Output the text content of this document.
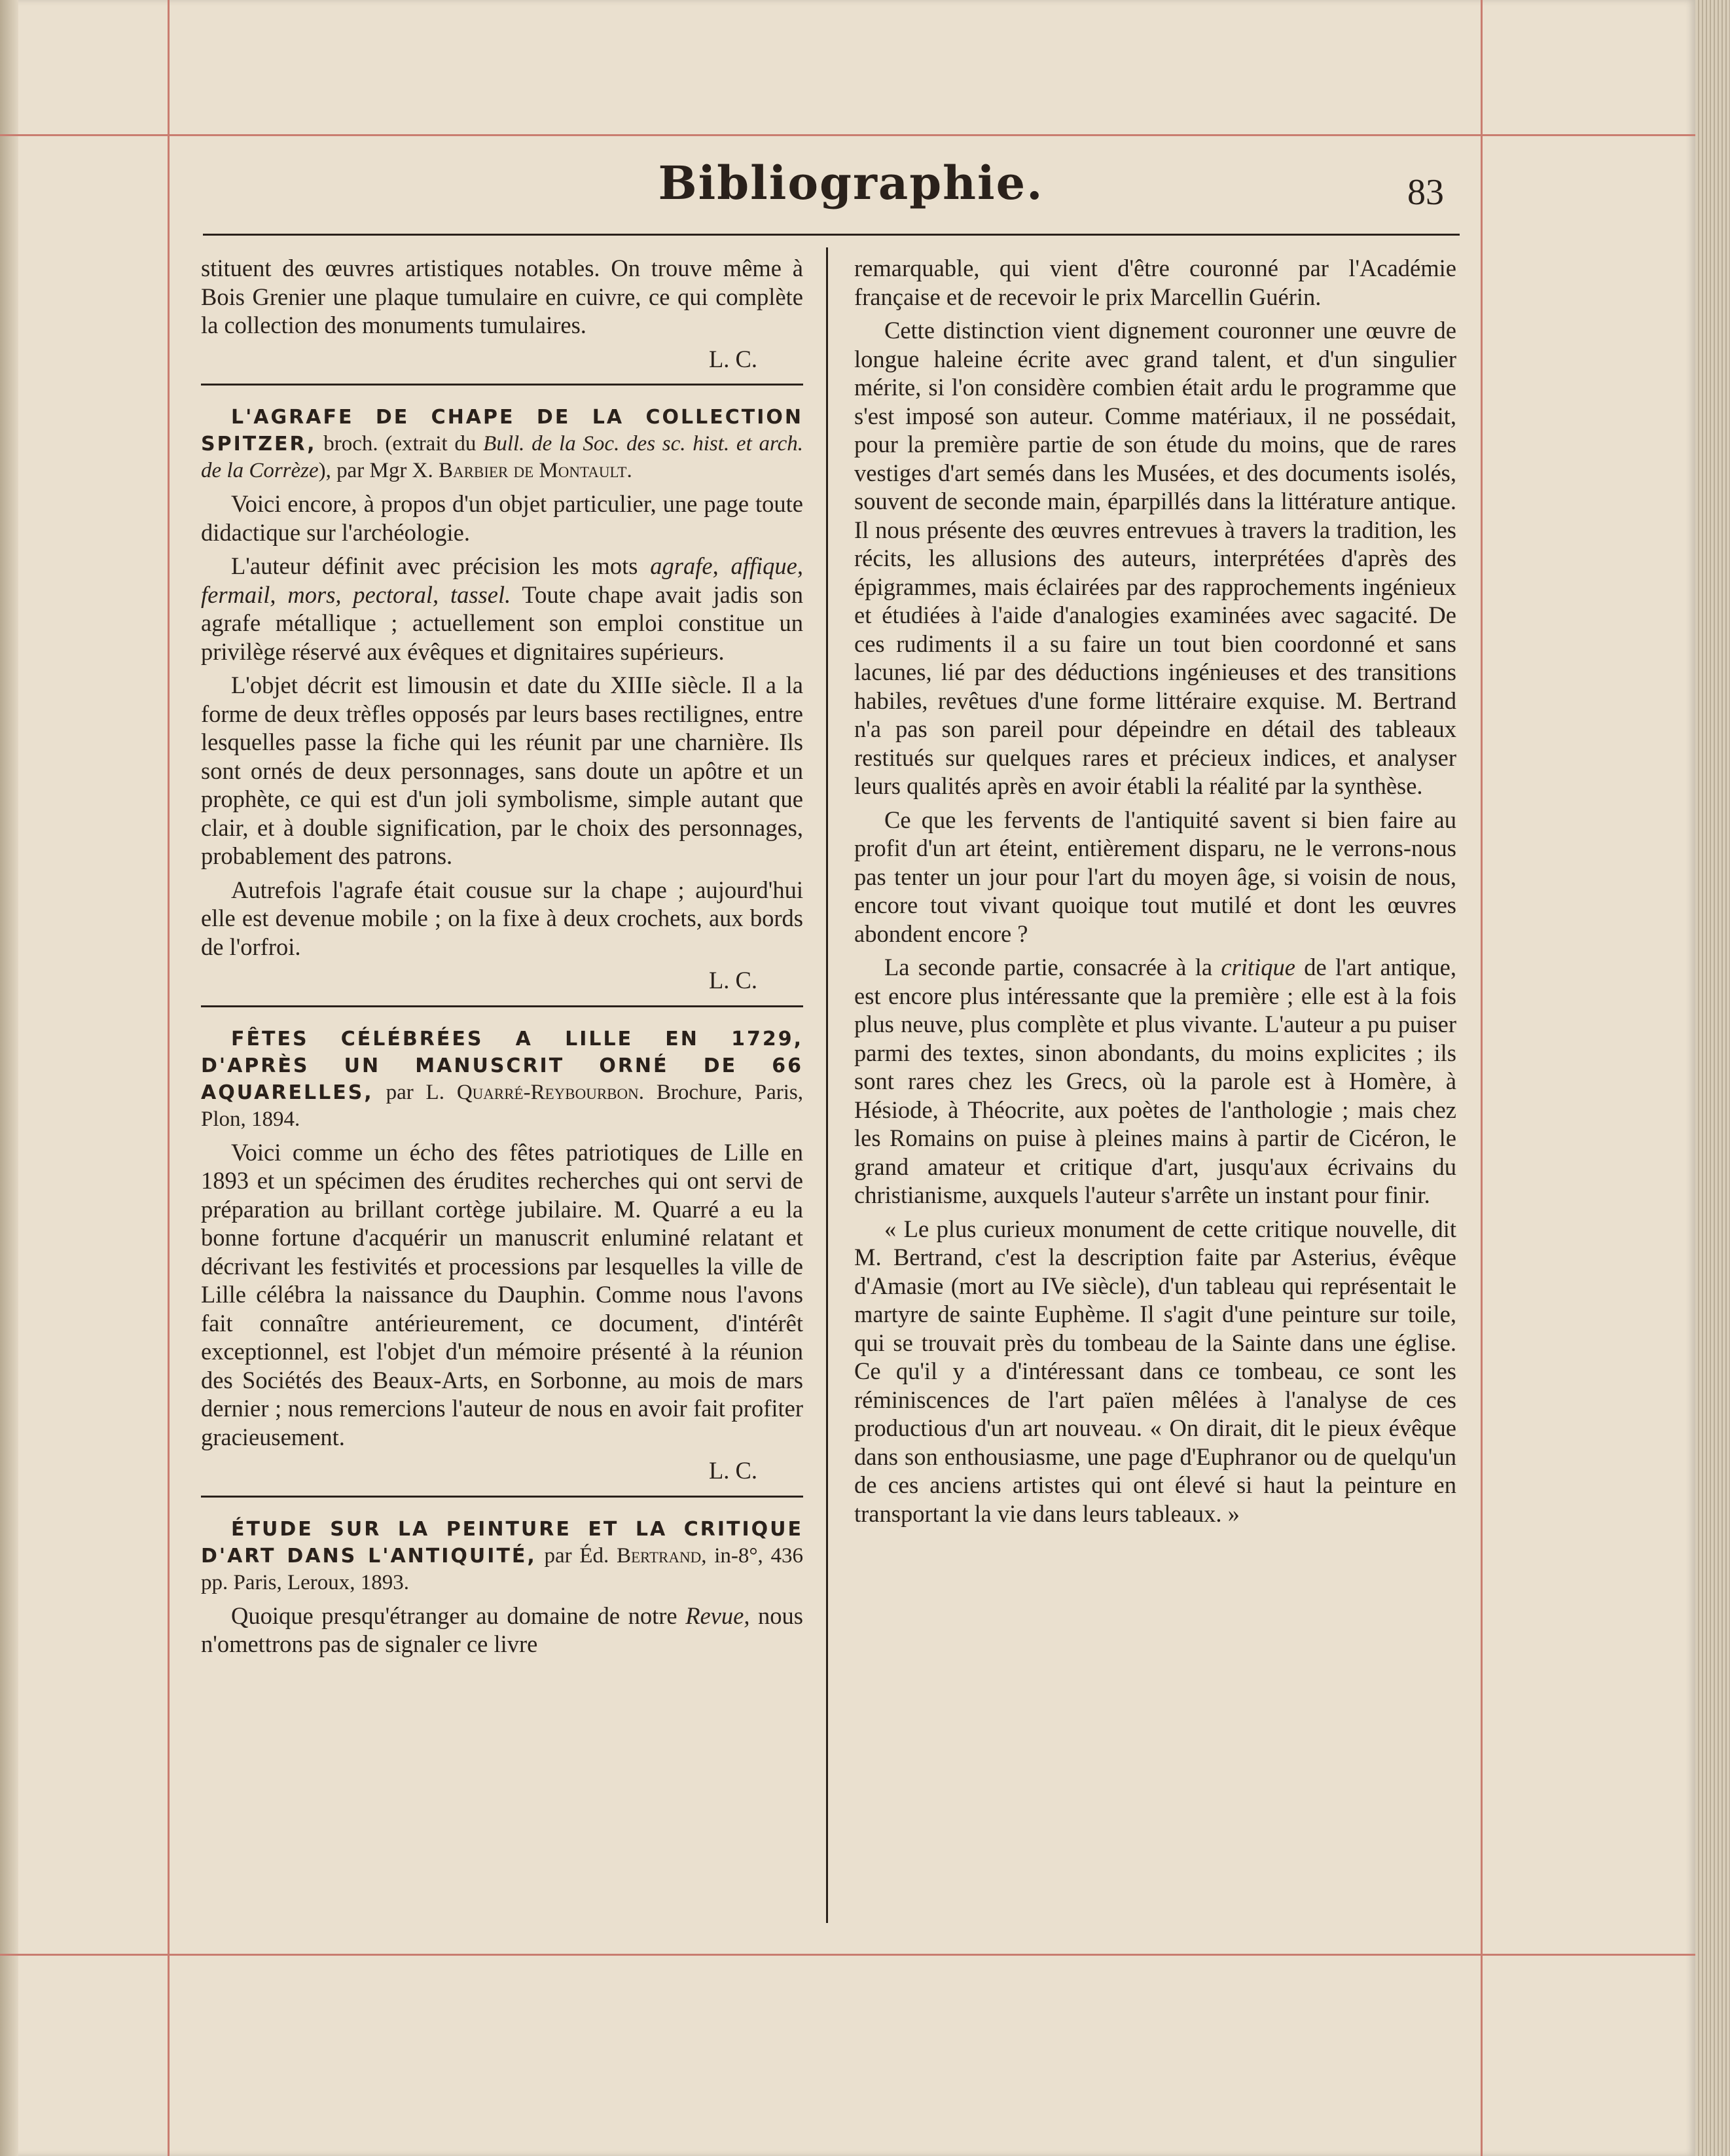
Bibliographie.	83

stituent des œuvres artistiques notables. On trouve même à Bois Grenier une plaque tumulaire en cuivre, ce qui complète la collection des monuments tumulaires.

L. C.

L'AGRAFE DE CHAPE DE LA COLLECTION SPITZER, broch. (extrait du Bull. de la Soc. des sc. hist. et arch. de la Corrèze), par Mgr X. Barbier de Montault.

Voici encore, à propos d'un objet particulier, une page toute didactique sur l'archéologie.

L'auteur définit avec précision les mots agrafe, affique, fermail, mors, pectoral, tassel. Toute chape avait jadis son agrafe métallique ; actuellement son emploi constitue un privilège réservé aux évêques et dignitaires supérieurs.

L'objet décrit est limousin et date du XIIIe siècle. Il a la forme de deux trèfles opposés par leurs bases rectilignes, entre lesquelles passe la fiche qui les réunit par une charnière. Ils sont ornés de deux personnages, sans doute un apôtre et un prophète, ce qui est d'un joli symbolisme, simple autant que clair, et à double signification, par le choix des personnages, probablement des patrons.

Autrefois l'agrafe était cousue sur la chape ; aujourd'hui elle est devenue mobile ; on la fixe à deux crochets, aux bords de l'orfroi.

L. C.

FÊTES CÉLÉBRÉES A LILLE EN 1729, D'APRÈS UN MANUSCRIT ORNÉ DE 66 AQUARELLES, par L. Quarré-Reybourbon. Brochure, Paris, Plon, 1894.

Voici comme un écho des fêtes patriotiques de Lille en 1893 et un spécimen des érudites recherches qui ont servi de préparation au brillant cortège jubilaire. M. Quarré a eu la bonne fortune d'acquérir un manuscrit enluminé relatant et décrivant les festivités et processions par lesquelles la ville de Lille célébra la naissance du Dauphin. Comme nous l'avons fait connaître antérieurement, ce document, d'intérêt exceptionnel, est l'objet d'un mémoire présenté à la réunion des Sociétés des Beaux-Arts, en Sorbonne, au mois de mars dernier ; nous remercions l'auteur de nous en avoir fait profiter gracieusement.

L. C.

ÉTUDE SUR LA PEINTURE ET LA CRITIQUE D'ART DANS L'ANTIQUITÉ, par Éd. Bertrand, in-8°, 436 pp. Paris, Leroux, 1893.

Quoique presqu'étranger au domaine de notre Revue, nous n'omettrons pas de signaler ce livre

remarquable, qui vient d'être couronné par l'Académie française et de recevoir le prix Marcellin Guérin.

Cette distinction vient dignement couronner une œuvre de longue haleine écrite avec grand talent, et d'un singulier mérite, si l'on considère combien était ardu le programme que s'est imposé son auteur. Comme matériaux, il ne possédait, pour la première partie de son étude du moins, que de rares vestiges d'art semés dans les Musées, et des documents isolés, souvent de seconde main, éparpillés dans la littérature antique. Il nous présente des œuvres entrevues à travers la tradition, les récits, les allusions des auteurs, interprétées d'après des épigrammes, mais éclairées par des rapprochements ingénieux et étudiées à l'aide d'analogies examinées avec sagacité. De ces rudiments il a su faire un tout bien coordonné et sans lacunes, lié par des déductions ingénieuses et des transitions habiles, revêtues d'une forme littéraire exquise. M. Bertrand n'a pas son pareil pour dépeindre en détail des tableaux restitués sur quelques rares et précieux indices, et analyser leurs qualités après en avoir établi la réalité par la synthèse.

Ce que les fervents de l'antiquité savent si bien faire au profit d'un art éteint, entièrement disparu, ne le verrons-nous pas tenter un jour pour l'art du moyen âge, si voisin de nous, encore tout vivant quoique tout mutilé et dont les œuvres abondent encore ?

La seconde partie, consacrée à la critique de l'art antique, est encore plus intéressante que la première ; elle est à la fois plus neuve, plus complète et plus vivante. L'auteur a pu puiser parmi des textes, sinon abondants, du moins explicites ; ils sont rares chez les Grecs, où la parole est à Homère, à Hésiode, à Théocrite, aux poètes de l'anthologie ; mais chez les Romains on puise à pleines mains à partir de Cicéron, le grand amateur et critique d'art, jusqu'aux écrivains du christianisme, auxquels l'auteur s'arrête un instant pour finir.

« Le plus curieux monument de cette critique nouvelle, dit M. Bertrand, c'est la description faite par Asterius, évêque d'Amasie (mort au IVe siècle), d'un tableau qui représentait le martyre de sainte Euphème. Il s'agit d'une peinture sur toile, qui se trouvait près du tombeau de la Sainte dans une église. Ce qu'il y a d'intéressant dans ce tombeau, ce sont les réminiscences de l'art païen mêlées à l'analyse de ces productious d'un art nouveau. « On dirait, dit le pieux évêque dans son enthousiasme, une page d'Euphranor ou de quelqu'un de ces anciens artistes qui ont élevé si haut la peinture en transportant la vie dans leurs tableaux. »
